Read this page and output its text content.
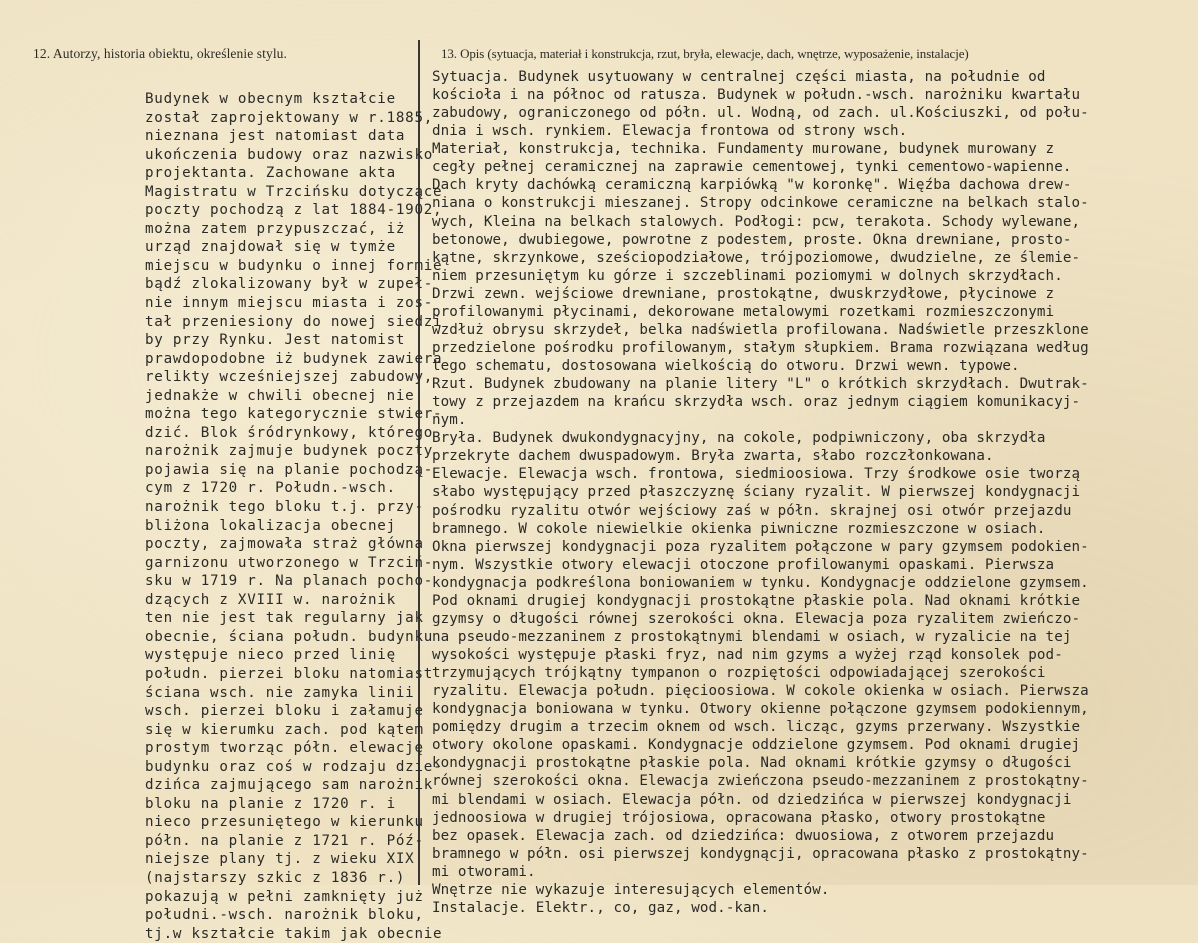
12. Autorzy, historia obiektu, określenie stylu.	13. Opis (sytuacja, materiał i konstrukcja, rzut, bryła, elewacje, dach, wnętrze, wyposażenie, instalacje)
Budynek w obecnym kształcie
został zaprojektowany w r.1885,
nieznana jest natomiast data
ukończenia budowy oraz nazwisko
projektanta. Zachowane akta
Magistratu w Trzcińsku dotyczące
poczty pochodzą z lat 1884-1902,
można zatem przypuszczać, iż
urząd znajdował się w tymże
miejscu w budynku o innej formie
bądź zlokalizowany był w zupeł-
nie innym miejscu miasta i zos-
tał przeniesiony do nowej siedzi
by przy Rynku. Jest natomist
prawdopodobne iż budynek zawiera
relikty wcześniejszej zabudowy,
jednakże w chwili obecnej nie
można tego kategorycznie stwier-
dzić. Blok śródrynkowy, którego
narożnik zajmuje budynek poczty
pojawia się na planie pochodzą-
cym z 1720 r. Połudn.-wsch.
narożnik tego bloku t.j. przy-
bliżona lokalizacja obecnej
poczty, zajmowała straż główna
garnizonu utworzonego w Trzciń-
sku w 1719 r. Na planach pocho-
dzących z XVIII w. narożnik
ten nie jest tak regularny jak
obecnie, ściana połudn. budynku
występuje nieco przed linię
połudn. pierzei bloku natomiast
ściana wsch. nie zamyka linii
wsch. pierzei bloku i załamuje
się w kierumku zach. pod kątem
prostym tworząc półn. elewację
budynku oraz coś w rodzaju dzie-
dzińca zajmującego sam narożnik
bloku na planie z 1720 r. i
nieco przesuniętego w kierunku
półn. na planie z 1721 r. Póź-
niejsze plany tj. z wieku XIX
(najstarszy szkic z 1836 r.)
pokazują w pełni zamknięty już
południ.-wsch. narożnik bloku,
tj.w kształcie takim jak obecnie
Sytuacja. Budynek usytuowany w centralnej części miasta, na południe od
kościoła i na północ od ratusza. Budynek w połudn.-wsch. narożniku kwartału
zabudowy, ograniczonego od półn. ul. Wodną, od zach. ul.Kościuszki, od połu-
dnia i wsch. rynkiem. Elewacja frontowa od strony wsch.
Materiał, konstrukcja, technika. Fundamenty murowane, budynek murowany z
cegły pełnej ceramicznej na zaprawie cementowej, tynki cementowo-wapienne.
Dach kryty dachówką ceramiczną karpiówką "w koronkę". Więźba dachowa drew-
niana o konstrukcji mieszanej. Stropy odcinkowe ceramiczne na belkach stalo-
wych, Kleina na belkach stalowych. Podłogi: pcw, terakota. Schody wylewane,
betonowe, dwubiegowe, powrotne z podestem, proste. Okna drewniane, prosto-
kątne, skrzynkowe, sześciopodziałowe, trójpoziomowe, dwudzielne, ze ślemie-
niem przesuniętym ku górze i szczeblinami poziomymi w dolnych skrzydłach.
Drzwi zewn. wejściowe drewniane, prostokątne, dwuskrzydłowe, płycinowe z
profilowanymi płycinami, dekorowane metalowymi rozetkami rozmieszczonymi
wzdłuż obrysu skrzydeł, belka nadświetla profilowana. Nadświetle przeszklone
przedzielone pośrodku profilowanym, stałym słupkiem. Brama rozwiązana według
tego schematu, dostosowana wielkością do otworu. Drzwi wewn. typowe.
Rzut. Budynek zbudowany na planie litery "L" o krótkich skrzydłach. Dwutrak-
towy z przejazdem na krańcu skrzydła wsch. oraz jednym ciągiem komunikacyj-
nym.
Bryła. Budynek dwukondygnacyjny, na cokole, podpiwniczony, oba skrzydła
przekryte dachem dwuspadowym. Bryła zwarta, słabo rozczłonkowana.
Elewacje. Elewacja wsch. frontowa, siedmioosiowa. Trzy środkowe osie tworzą
słabo występujący przed płaszczyznę ściany ryzalit. W pierwszej kondygnacji
pośrodku ryzalitu otwór wejściowy zaś w półn. skrajnej osi otwór przejazdu
bramnego. W cokole niewielkie okienka piwniczne rozmieszczone w osiach.
Okna pierwszej kondygnacji poza ryzalitem połączone w pary gzymsem podokien-
nym. Wszystkie otwory elewacji otoczone profilowanymi opaskami. Pierwsza
kondygnacja podkreślona boniowaniem w tynku. Kondygnacje oddzielone gzymsem.
Pod oknami drugiej kondygnacji prostokątne płaskie pola. Nad oknami krótkie
gzymsy o długości równej szerokości okna. Elewacja poza ryzalitem zwieńczo-
na pseudo-mezzaninem z prostokątnymi blendami w osiach, w ryzalicie na tej
wysokości występuje płaski fryz, nad nim gzyms a wyżej rząd konsolek pod-
trzymujących trójkątny tympanon o rozpiętości odpowiadającej szerokości
ryzalitu. Elewacja połudn. pięcioosiowa. W cokole okienka w osiach. Pierwsza
kondygnacja boniowana w tynku. Otwory okienne połączone gzymsem podokiennym,
pomiędzy drugim a trzecim oknem od wsch. licząc, gzyms przerwany. Wszystkie
otwory okolone opaskami. Kondygnacje oddzielone gzymsem. Pod oknami drugiej
kondygnacji prostokątne płaskie pola. Nad oknami krótkie gzymsy o długości
równej szerokości okna. Elewacja zwieńczona pseudo-mezzaninem z prostokątny-
mi blendami w osiach. Elewacja półn. od dziedzińca w pierwszej kondygnacji
jednoosiowa w drugiej trójosiowa, opracowana płasko, otwory prostokątne
bez opasek. Elewacja zach. od dziedzińca: dwuosiowa, z otworem przejazdu
bramnego w półn. osi pierwszej kondygnącji, opracowana płasko z prostokątny-
mi otworami.
Wnętrze nie wykazuje interesujących elementów.
Instalacje. Elektr., co, gaz, wod.-kan.
